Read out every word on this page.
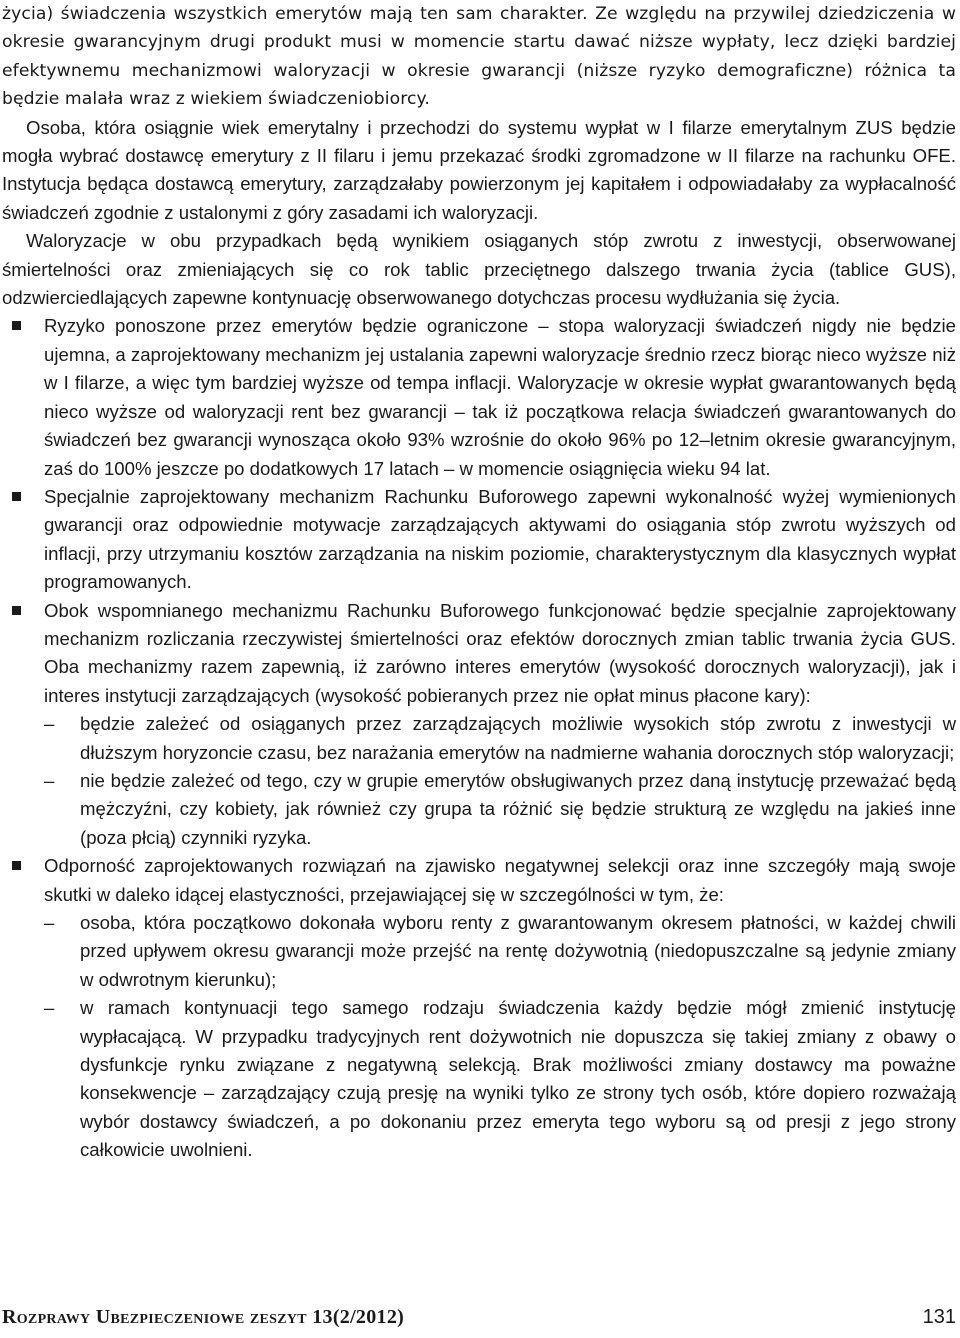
życia) świadczenia wszystkich emerytów mają ten sam charakter. Ze względu na przywilej dziedziczenia w okresie gwarancyjnym drugi produkt musi w momencie startu dawać niższe wypłaty, lecz dzięki bardziej efektywnemu mechanizmowi waloryzacji w okresie gwarancji (niższe ryzyko demograficzne) różnica ta będzie malała wraz z wiekiem świadczeniobiorcy.

Osoba, która osiągnie wiek emerytalny i przechodzi do systemu wypłat w I filarze emerytalnym ZUS będzie mogła wybrać dostawcę emerytury z II filaru i jemu przekazać środki zgromadzone w II filarze na rachunku OFE. Instytucja będąca dostawcą emerytury, zarządzałaby powierzonym jej kapitałem i odpowiadałaby za wypłacalność świadczeń zgodnie z ustalonymi z góry zasadami ich waloryzacji.

Waloryzacje w obu przypadkach będą wynikiem osiąganych stóp zwrotu z inwestycji, obserwowanej śmiertelności oraz zmieniających się co rok tablic przeciętnego dalszego trwania życia (tablice GUS), odzwierciedlających zapewne kontynuację obserwowanego dotychczas procesu wydłużania się życia.

Ryzyko ponoszone przez emerytów będzie ograniczone – stopa waloryzacji świadczeń nigdy nie będzie ujemna, a zaprojektowany mechanizm jej ustalania zapewni waloryzacje średnio rzecz biorąc nieco wyższe niż w I filarze, a więc tym bardziej wyższe od tempa inflacji. Waloryzacje w okresie wypłat gwarantowanych będą nieco wyższe od waloryzacji rent bez gwarancji – tak iż początkowa relacja świadczeń gwarantowanych do świadczeń bez gwarancji wynosząca około 93% wzrośnie do około 96% po 12–letnim okresie gwarancyjnym, zaś do 100% jeszcze po dodatkowych 17 latach – w momencie osiągnięcia wieku 94 lat.
Specjalnie zaprojektowany mechanizm Rachunku Buforowego zapewni wykonalność wyżej wymienionych gwarancji oraz odpowiednie motywacje zarządzających aktywami do osiągania stóp zwrotu wyższych od inflacji, przy utrzymaniu kosztów zarządzania na niskim poziomie, charakterystycznym dla klasycznych wypłat programowanych.
Obok wspomnianego mechanizmu Rachunku Buforowego funkcjonować będzie specjalnie zaprojektowany mechanizm rozliczania rzeczywistej śmiertelności oraz efektów dorocznych zmian tablic trwania życia GUS. Oba mechanizmy razem zapewnią, iż zarówno interes emerytów (wysokość dorocznych waloryzacji), jak i interes instytucji zarządzających (wysokość pobieranych przez nie opłat minus płacone kary):
– będzie zależeć od osiąganych przez zarządzających możliwie wysokich stóp zwrotu z inwestycji w dłuższym horyzoncie czasu, bez narażania emerytów na nadmierne wahania dorocznych stóp waloryzacji;
– nie będzie zależeć od tego, czy w grupie emerytów obsługiwanych przez daną instytucję przeważać będą mężczyźni, czy kobiety, jak również czy grupa ta różnić się będzie strukturą ze względu na jakieś inne (poza płcią) czynniki ryzyka.
Odporność zaprojektowanych rozwiązań na zjawisko negatywnej selekcji oraz inne szczegóły mają swoje skutki w daleko idącej elastyczności, przejawiającej się w szczególności w tym, że:
– osoba, która początkowo dokonała wyboru renty z gwarantowanym okresem płatności, w każdej chwili przed upływem okresu gwarancji może przejść na rentę dożywotnią (niedopuszczalne są jedynie zmiany w odwrotnym kierunku);
– w ramach kontynuacji tego samego rodzaju świadczenia każdy będzie mógł zmienić instytucję wypłacającą. W przypadku tradycyjnych rent dożywotnich nie dopuszcza się takiej zmiany z obawy o dysfunkcje rynku związane z negatywną selekcją. Brak możliwości zmiany dostawcy ma poważne konsekwencje – zarządzający czują presję na wyniki tylko ze strony tych osób, które dopiero rozważają wybór dostawcy świadczeń, a po dokonaniu przez emeryta tego wyboru są od presji z jego strony całkowicie uwolnieni.
Rozprawy Ubezpieczeniowe zeszyt 13(2/2012)	131
